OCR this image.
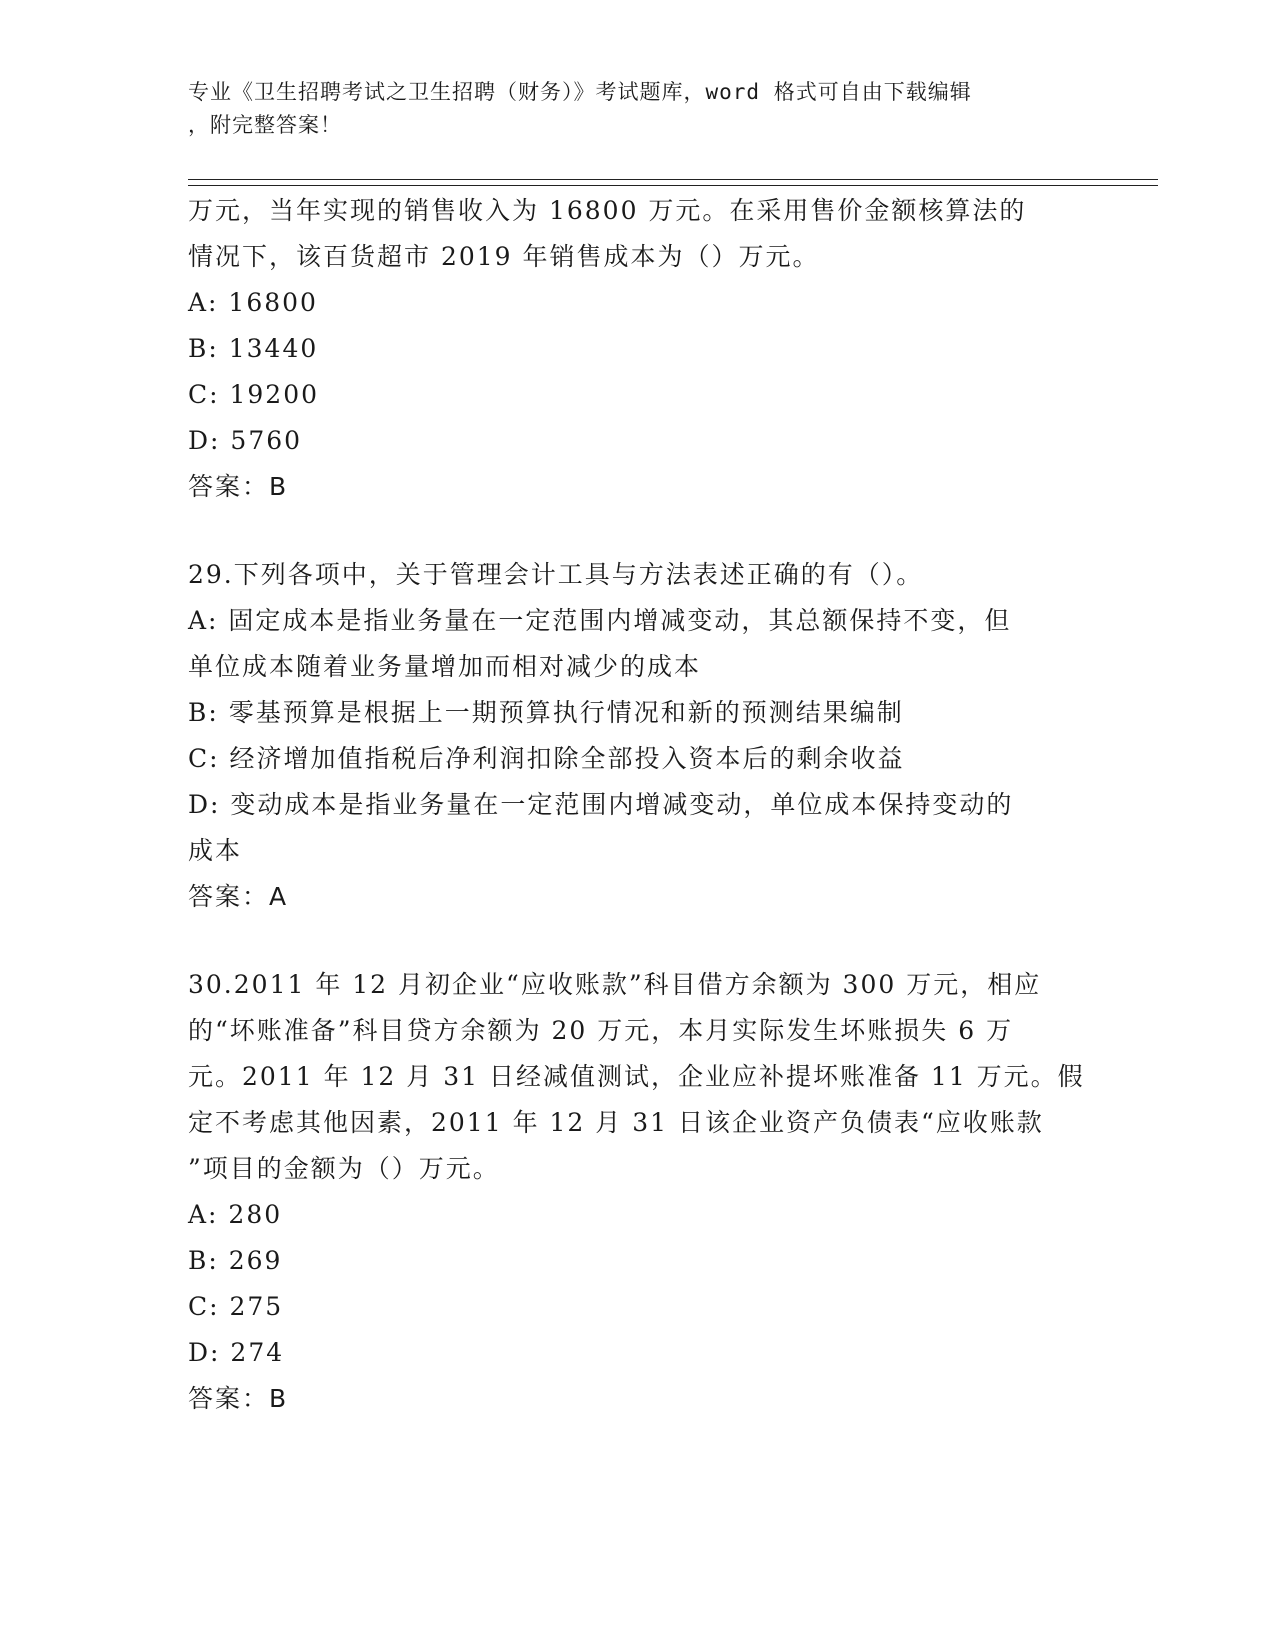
专业《卫生招聘考试之卫生招聘（财务）》考试题库，word 格式可自由下载编辑
，附完整答案！
万元，当年实现的销售收入为 16800 万元。在采用售价金额核算法的
情况下，该百货超市 2019 年销售成本为（）万元。
A: 16800
B: 13440
C: 19200
D: 5760
答案：B
29.下列各项中，关于管理会计工具与方法表述正确的有（）。
A: 固定成本是指业务量在一定范围内增减变动，其总额保持不变，但
单位成本随着业务量增加而相对减少的成本
B: 零基预算是根据上一期预算执行情况和新的预测结果编制
C: 经济增加值指税后净利润扣除全部投入资本后的剩余收益
D: 变动成本是指业务量在一定范围内增减变动，单位成本保持变动的
成本
答案：A
30.2011 年 12 月初企业“应收账款”科目借方余额为 300 万元，相应
的“坏账准备”科目贷方余额为 20 万元，本月实际发生坏账损失 6 万
元。2011 年 12 月 31 日经减值测试，企业应补提坏账准备 11 万元。假
定不考虑其他因素，2011 年 12 月 31 日该企业资产负债表“应收账款
”项目的金额为（）万元。
A: 280
B: 269
C: 275
D: 274
答案：B
